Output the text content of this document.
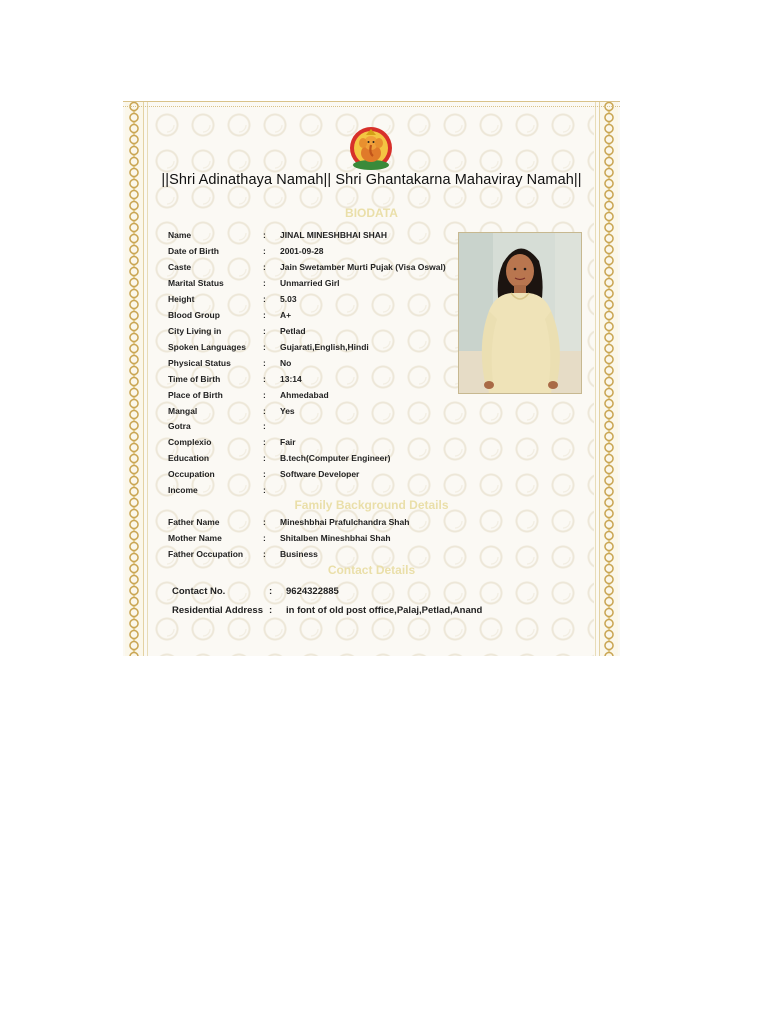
||Shri Adinathaya Namah|| Shri Ghantakarna Mahaviray Namah||
BIODATA
Name	:	JINAL MINESHBHAI SHAH
Date of Birth	:	2001-09-28
Caste	:	Jain Swetamber Murti Pujak (Visa Oswal)
Marital Status	:	Unmarried Girl
Height	:	5.03
Blood Group	:	A+
City Living in	:	Petlad
Spoken Languages	:	Gujarati,English,Hindi
Physical Status	:	No
Time of Birth	:	13:14
Place of Birth	:	Ahmedabad
Mangal	:	Yes
Gotra	:
Complexio	:	Fair
Education	:	B.tech(Computer Engineer)
Occupation	:	Software Developer
Income	:
Family Background Details
Father Name	:	Mineshbhai Prafulchandra Shah
Mother Name	:	Shitalben Mineshbhai Shah
Father Occupation	:	Business
Contact Details
Contact No.	:	9624322885
Residential Address :	in font of old post office,Palaj,Petlad,Anand
